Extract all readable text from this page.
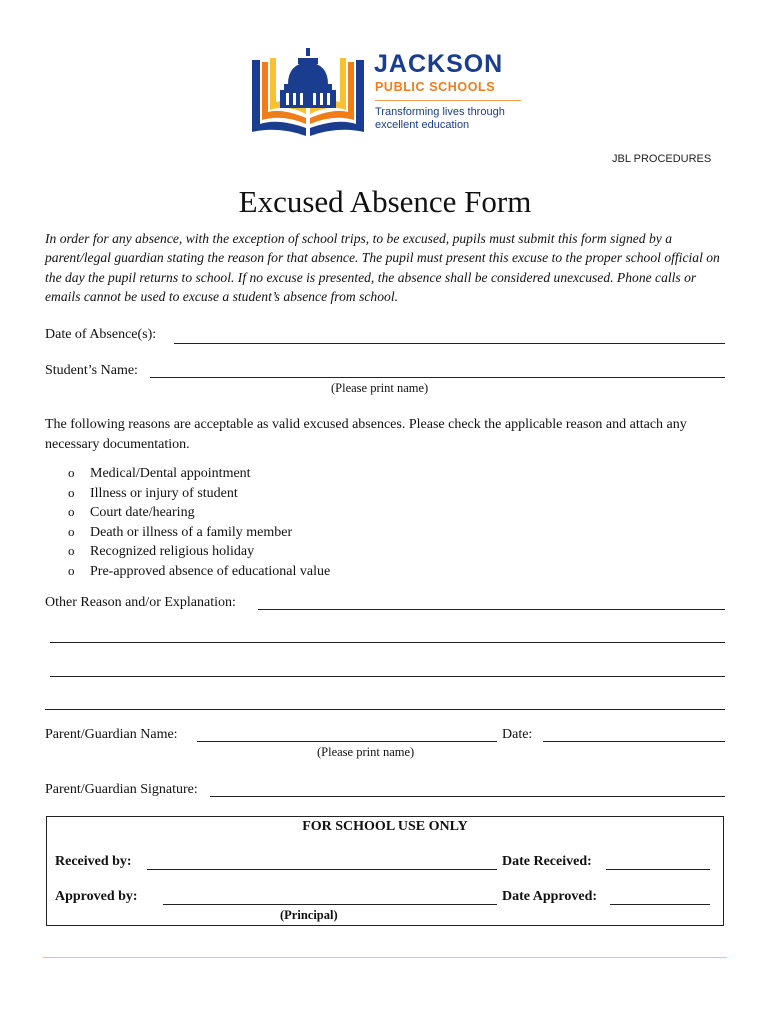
JACKSON
PUBLIC SCHOOLS
Transforming lives through excellent education
JBL PROCEDURES
Excused Absence Form
In order for any absence, with the exception of school trips, to be excused, pupils must submit this form signed by a parent/legal guardian stating the reason for that absence. The pupil must present this excuse to the proper school official on the day the pupil returns to school. If no excuse is presented, the absence shall be considered unexcused. Phone calls or emails cannot be used to excuse a student’s absence from school.
Date of Absence(s):
Student’s Name:
(Please print name)
The following reasons are acceptable as valid excused absences. Please check the applicable reason and attach any necessary documentation.
o Medical/Dental appointment
o Illness or injury of student
o Court date/hearing
o Death or illness of a family member
o Recognized religious holiday
o Pre-approved absence of educational value
Other Reason and/or Explanation:
Parent/Guardian Name:	Date:
(Please print name)
Parent/Guardian Signature:
FOR SCHOOL USE ONLY
Received by:	Date Received:
Approved by:	Date Approved:
(Principal)
